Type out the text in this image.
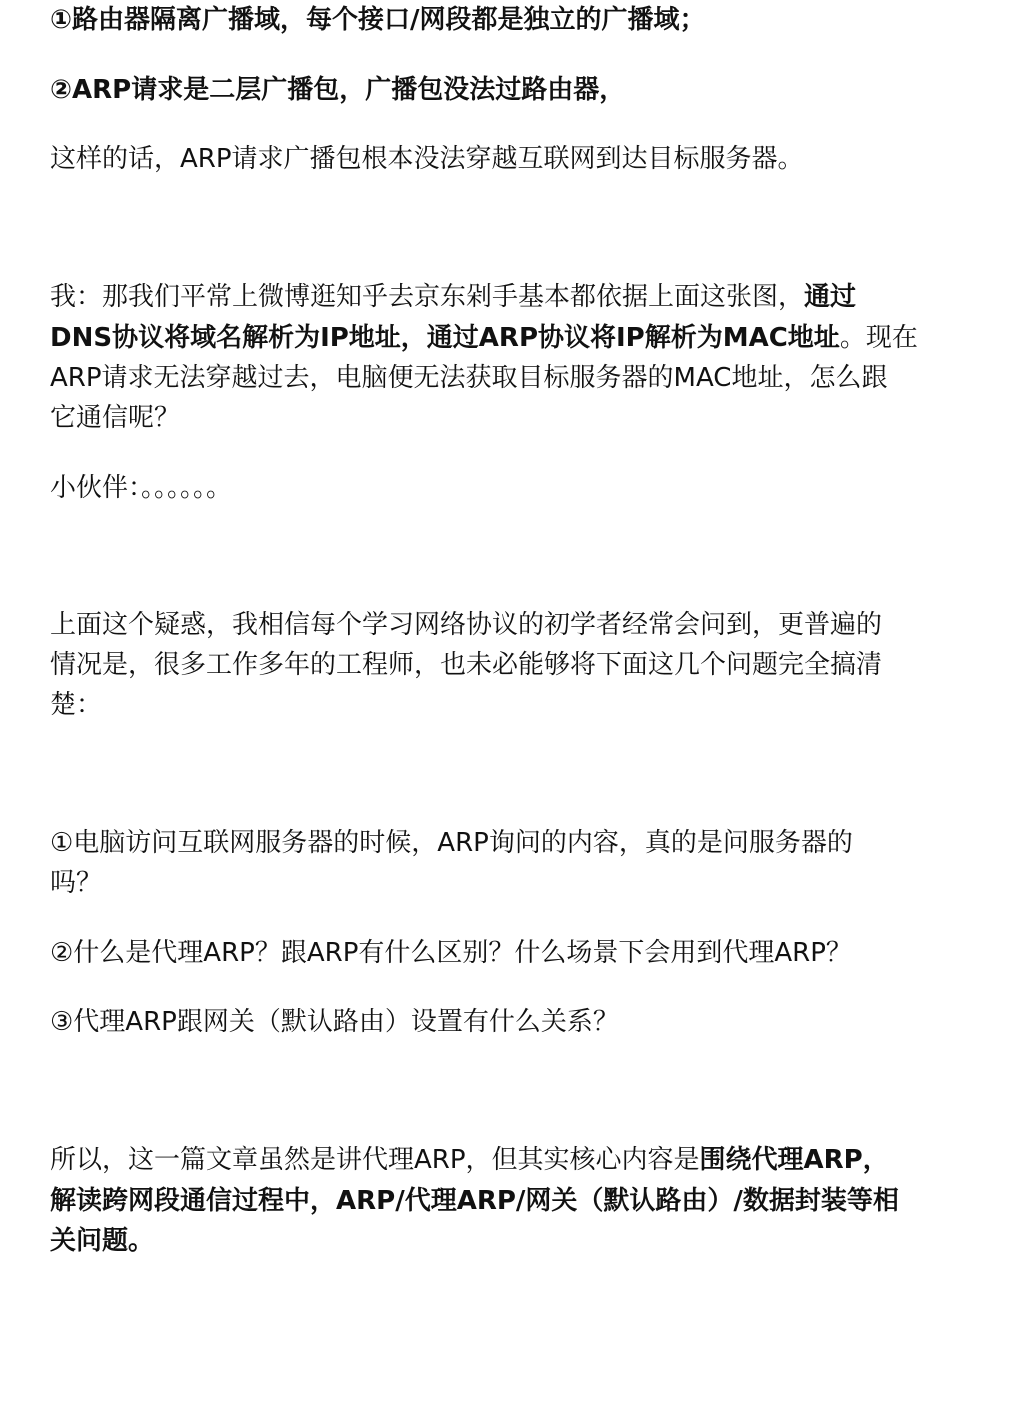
①路由器隔离广播域，每个接口/网段都是独立的广播域；
②ARP请求是二层广播包，广播包没法过路由器，
这样的话，ARP请求广播包根本没法穿越互联网到达目标服务器。
我：那我们平常上微博逛知乎去京东剁手基本都依据上面这张图，通过
DNS协议将域名解析为IP地址，通过ARP协议将IP解析为MAC地址。现在
ARP请求无法穿越过去，电脑便无法获取目标服务器的MAC地址，怎么跟
它通信呢？
小伙伴：。。。。。。
上面这个疑惑，我相信每个学习网络协议的初学者经常会问到，更普遍的
情况是，很多工作多年的工程师，也未必能够将下面这几个问题完全搞清
楚：
①电脑访问互联网服务器的时候，ARP询问的内容，真的是问服务器的
吗？
②什么是代理ARP？跟ARP有什么区别？什么场景下会用到代理ARP？
③代理ARP跟网关（默认路由）设置有什么关系？
所以，这一篇文章虽然是讲代理ARP，但其实核心内容是围绕代理ARP，
解读跨网段通信过程中，ARP/代理ARP/网关（默认路由）/数据封装等相
关问题。
